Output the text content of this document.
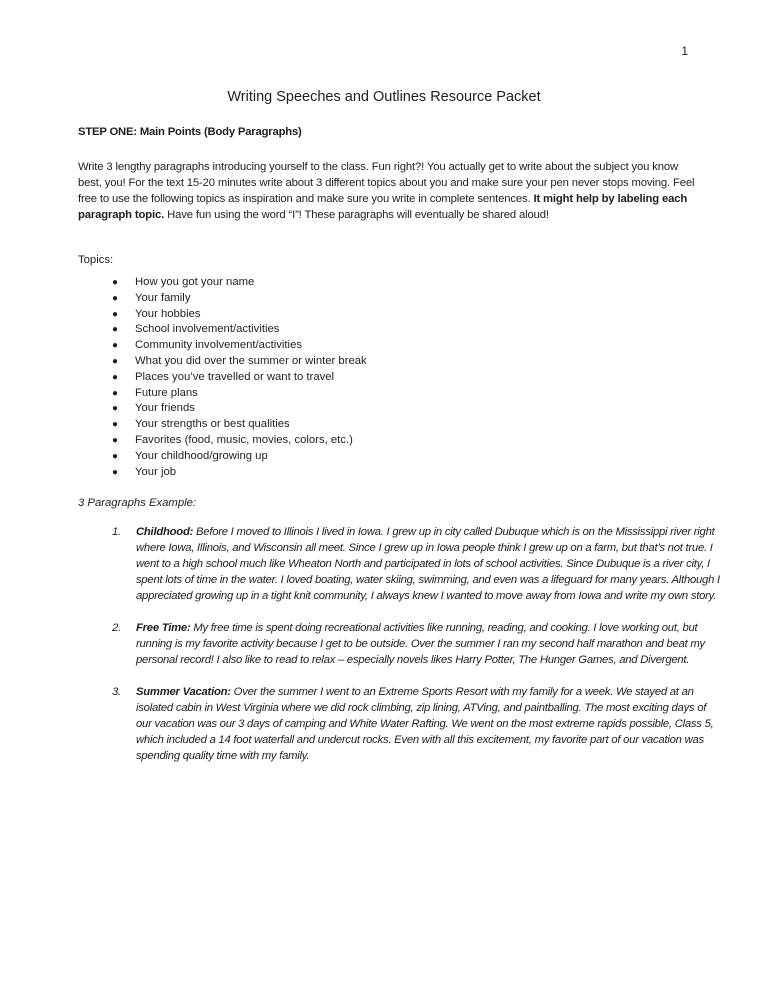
1
Writing Speeches and Outlines Resource Packet
STEP ONE: Main Points (Body Paragraphs)

Write 3 lengthy paragraphs introducing yourself to the class. Fun right?! You actually get to write about the subject you know best, you! For the text 15-20 minutes write about 3 different topics about you and make sure your pen never stops moving. Feel free to use the following topics as inspiration and make sure you write in complete sentences. It might help by labeling each paragraph topic. Have fun using the word “I”! These paragraphs will eventually be shared aloud!

Topics:
● How you got your name
● Your family
● Your hobbies
● School involvement/activities
● Community involvement/activities
● What you did over the summer or winter break
● Places you’ve travelled or want to travel
● Future plans
● Your friends
● Your strengths or best qualities
● Favorites (food, music, movies, colors, etc.)
● Your childhood/growing up
● Your job
3 Paragraphs Example:
1. Childhood: Before I moved to Illinois I lived in Iowa. I grew up in city called Dubuque which is on the Mississippi river right where Iowa, Illinois, and Wisconsin all meet. Since I grew up in Iowa people think I grew up on a farm, but that’s not true. I went to a high school much like Wheaton North and participated in lots of school activities. Since Dubuque is a river city, I spent lots of time in the water. I loved boating, water skiing, swimming, and even was a lifeguard for many years. Although I appreciated growing up in a tight knit community, I always knew I wanted to move away from Iowa and write my own story.
2. Free Time: My free time is spent doing recreational activities like running, reading, and cooking. I love working out, but running is my favorite activity because I get to be outside. Over the summer I ran my second half marathon and beat my personal record! I also like to read to relax – especially novels likes Harry Potter, The Hunger Games, and Divergent.
3. Summer Vacation: Over the summer I went to an Extreme Sports Resort with my family for a week. We stayed at an isolated cabin in West Virginia where we did rock climbing, zip lining, ATVing, and paintballing. The most exciting days of our vacation was our 3 days of camping and White Water Rafting. We went on the most extreme rapids possible, Class 5, which included a 14 foot waterfall and undercut rocks. Even with all this excitement, my favorite part of our vacation was spending quality time with my family.
